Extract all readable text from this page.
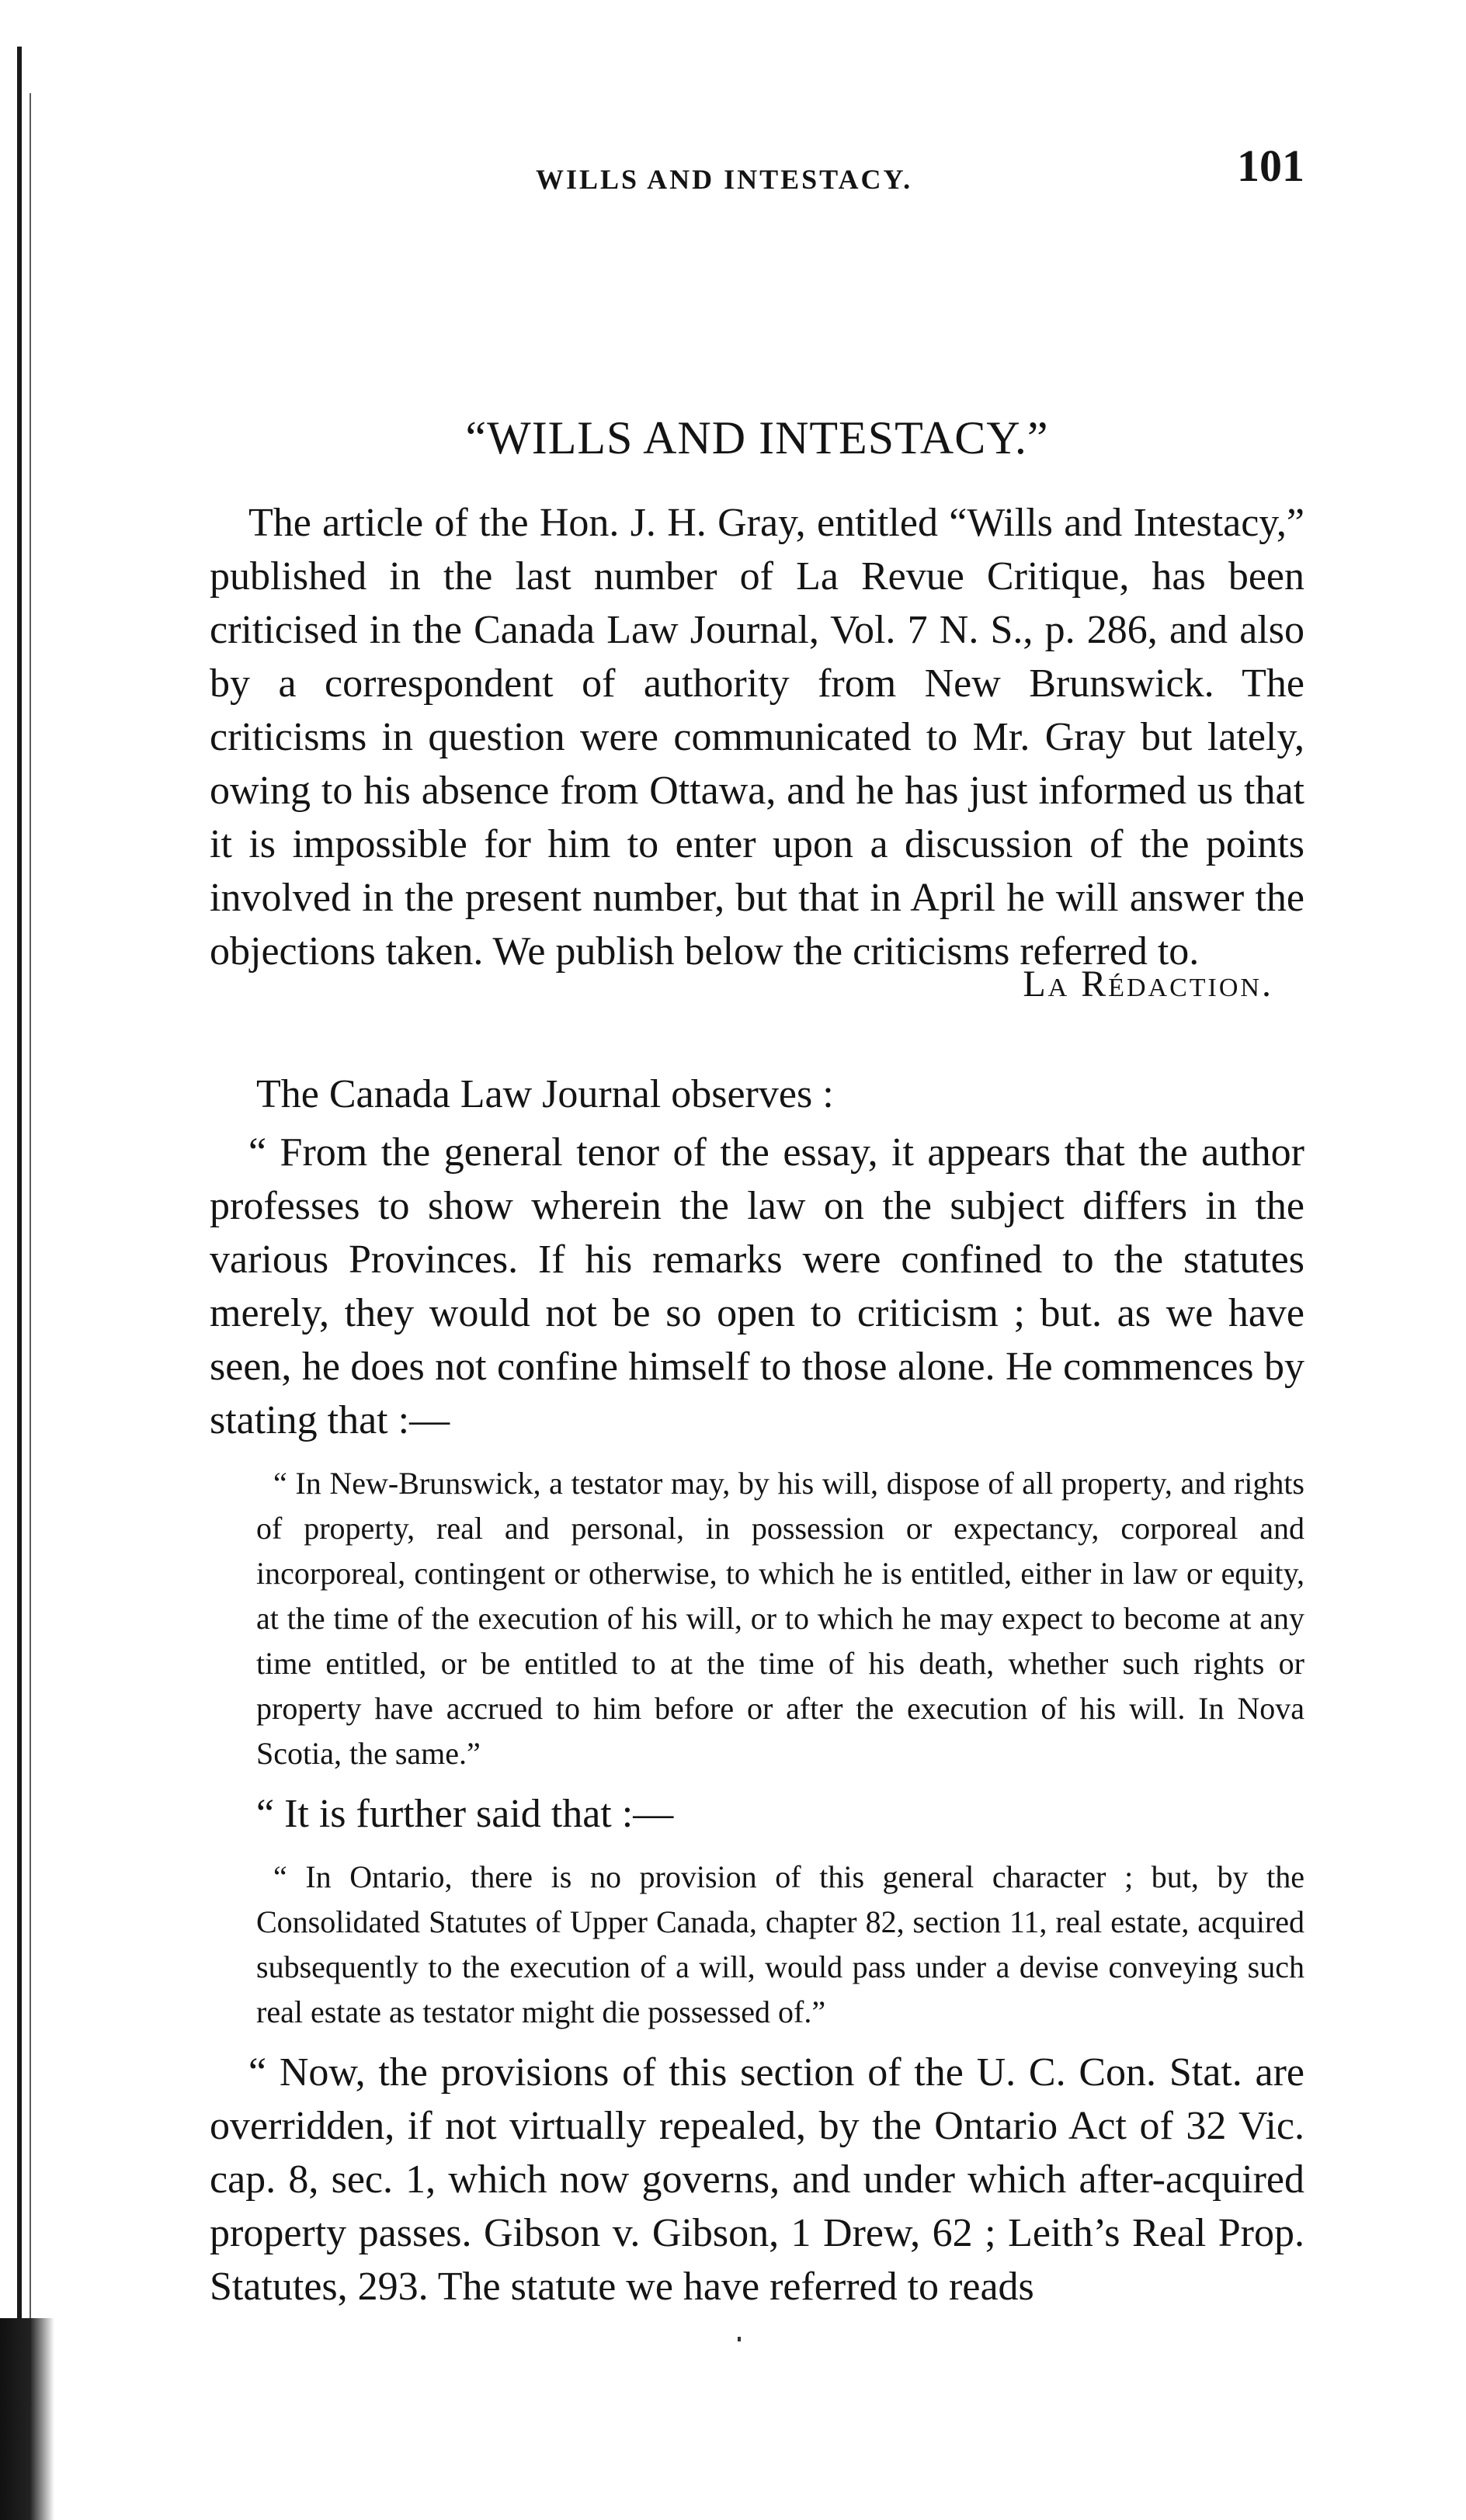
WILLS AND INTESTACY.	101
“WILLS AND INTESTACY.”

The article of the Hon. J. H. Gray, entitled “Wills and Intestacy,” published in the last number of La Revue Critique, has been criticised in the Canada Law Journal, Vol. 7 N. S., p. 286, and also by a correspondent of authority from New Brunswick. The criticisms in question were communicated to Mr. Gray but lately, owing to his absence from Ottawa, and he has just informed us that it is impossible for him to enter upon a discussion of the points involved in the present number, but that in April he will answer the objections taken. We publish below the criticisms referred to.

La Rédaction.

The Canada Law Journal observes :

“ From the general tenor of the essay, it appears that the author professes to show wherein the law on the subject differs in the various Provinces. If his remarks were confined to the statutes merely, they would not be so open to criticism ; but. as we have seen, he does not confine himself to those alone. He commences by stating that :—

“ In New-Brunswick, a testator may, by his will, dispose of all property, and rights of property, real and personal, in possession or expectancy, corporeal and incorporeal, contingent or otherwise, to which he is entitled, either in law or equity, at the time of the execution of his will, or to which he may expect to become at any time entitled, or be entitled to at the time of his death, whether such rights or property have accrued to him before or after the execution of his will. In Nova Scotia, the same.”

“ It is further said that :—

“ In Ontario, there is no provision of this general character ; but, by the Consolidated Statutes of Upper Canada, chapter 82, section 11, real estate, acquired subsequently to the execution of a will, would pass under a devise conveying such real estate as testator might die possessed of.”

“ Now, the provisions of this section of the U. C. Con. Stat. are overridden, if not virtually repealed, by the Ontario Act of 32 Vic. cap. 8, sec. 1, which now governs, and under which after-acquired property passes. Gibson v. Gibson, 1 Drew, 62 ; Leith’s Real Prop. Statutes, 293. The statute we have referred to reads
